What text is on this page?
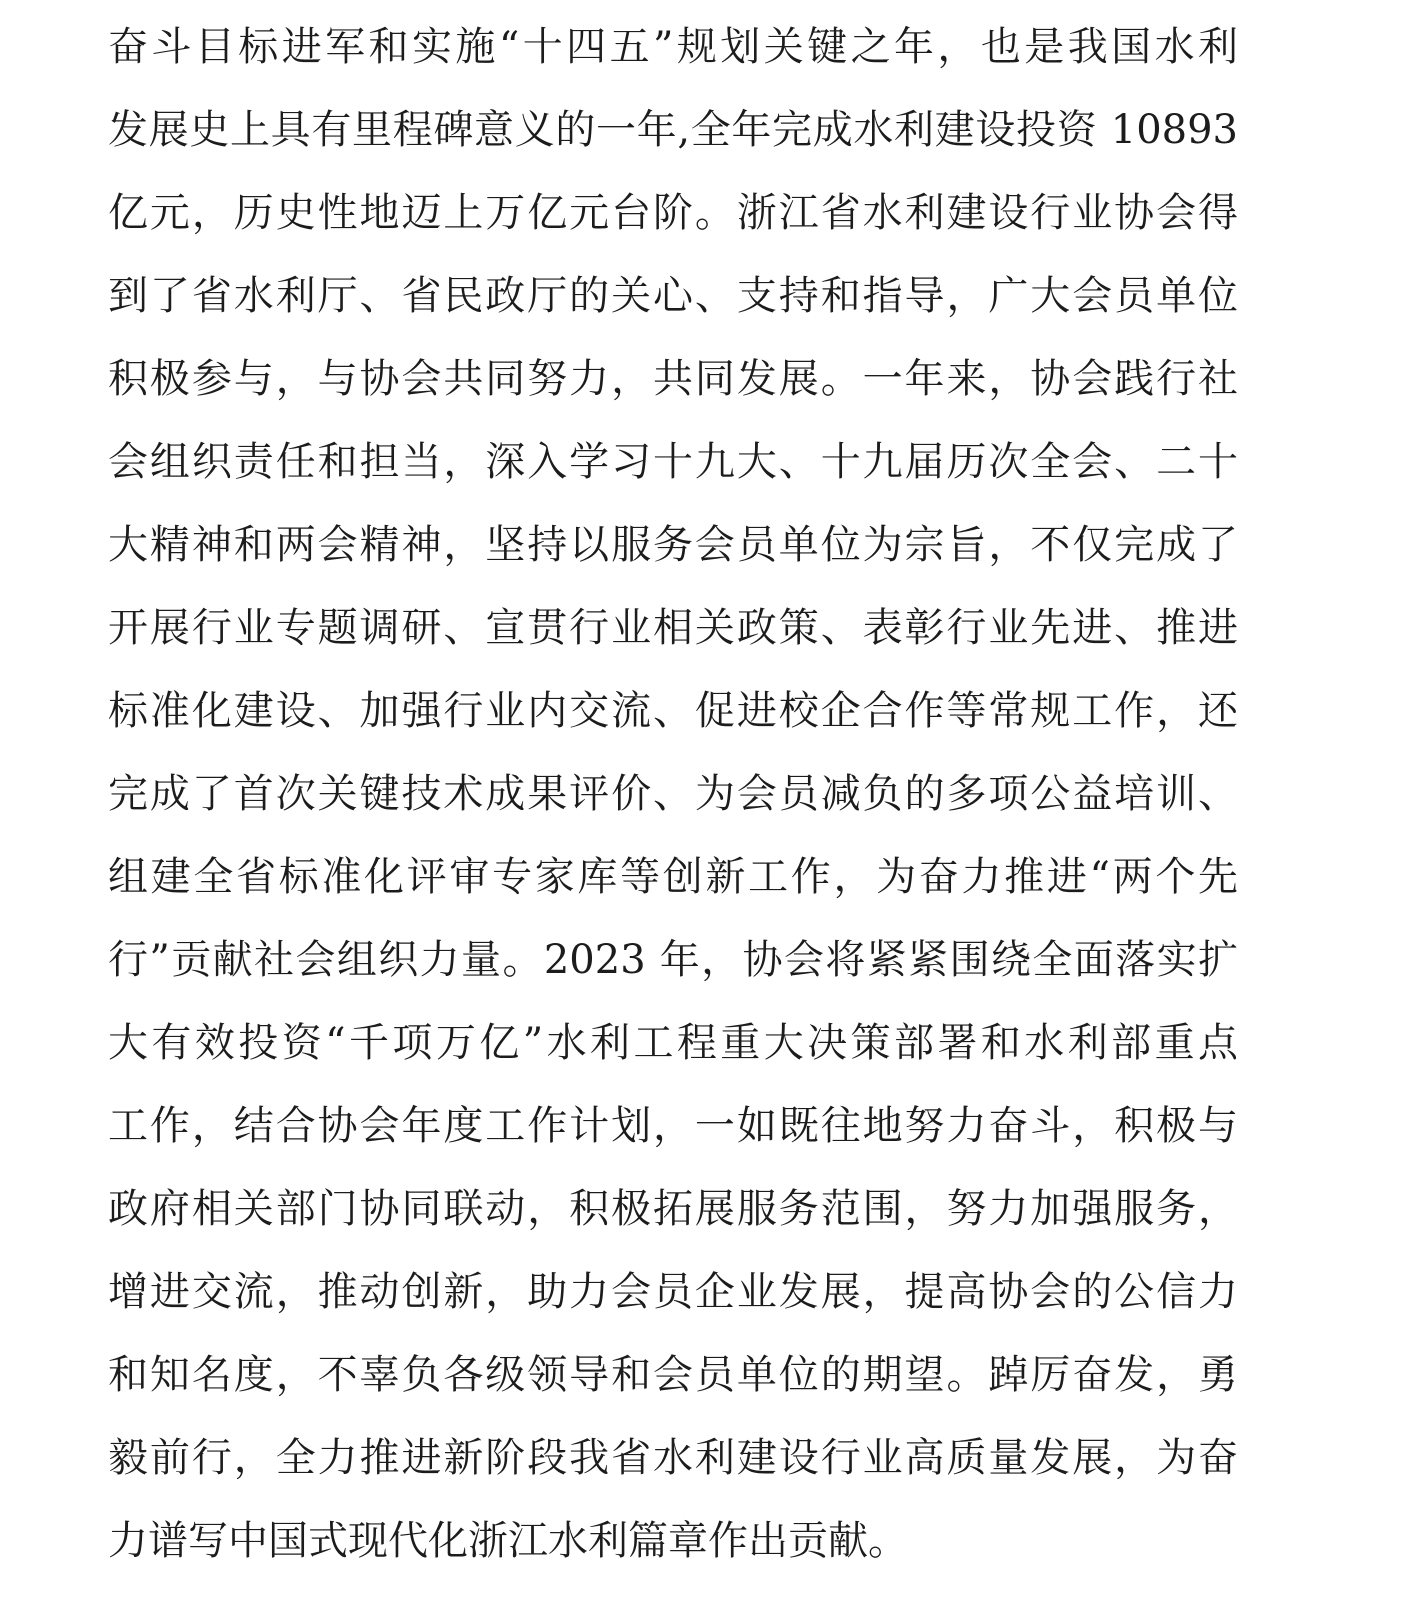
奋斗目标进军和实施“十四五”规划关键之年，也是我国水利
发展史上具有里程碑意义的一年,全年完成水利建设投资 10893
亿元，历史性地迈上万亿元台阶。浙江省水利建设行业协会得
到了省水利厅、省民政厅的关心、支持和指导，广大会员单位
积极参与，与协会共同努力，共同发展。一年来，协会践行社
会组织责任和担当，深入学习十九大、十九届历次全会、二十
大精神和两会精神，坚持以服务会员单位为宗旨，不仅完成了
开展行业专题调研、宣贯行业相关政策、表彰行业先进、推进
标准化建设、加强行业内交流、促进校企合作等常规工作，还
完成了首次关键技术成果评价、为会员减负的多项公益培训、
组建全省标准化评审专家库等创新工作，为奋力推进“两个先
行”贡献社会组织力量。2023 年，协会将紧紧围绕全面落实扩
大有效投资“千项万亿”水利工程重大决策部署和水利部重点
工作，结合协会年度工作计划，一如既往地努力奋斗，积极与
政府相关部门协同联动，积极拓展服务范围，努力加强服务，
增进交流，推动创新，助力会员企业发展，提高协会的公信力
和知名度，不辜负各级领导和会员单位的期望。踔厉奋发，勇
毅前行，全力推进新阶段我省水利建设行业高质量发展，为奋
力谱写中国式现代化浙江水利篇章作出贡献。
